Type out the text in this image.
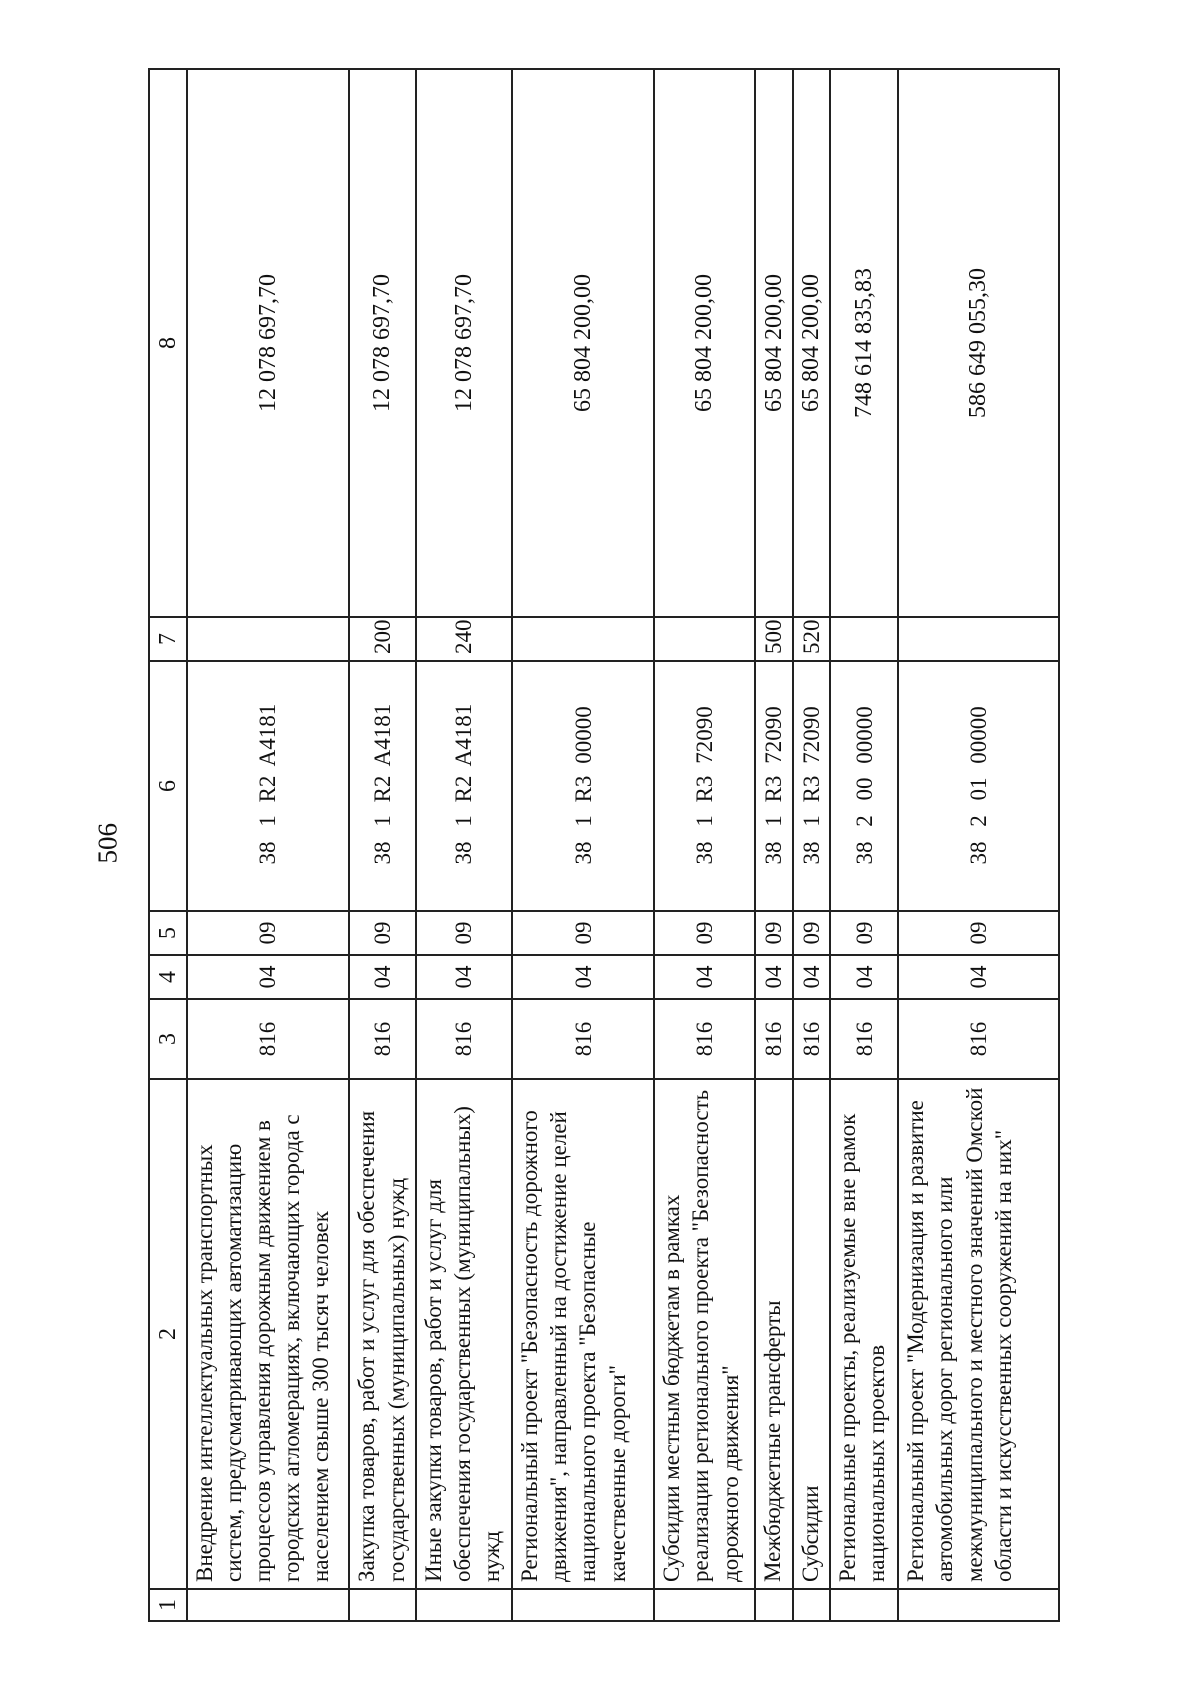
506
1	2	3	4	5	6	7	8
	Внедрение интеллектуальных транспортных систем, предусматривающих автоматизацию процессов управления дорожным движением в городских агломерациях, включающих города с населением свыше 300 тысяч человек	816	04	09	381R2A4181		12 078 697,70
	Закупка товаров, работ и услуг для обеспечения государственных (муниципальных) нужд	816	04	09	381R2A4181	200	12 078 697,70
	Иные закупки товаров, работ и услуг для обеспечения государственных (муниципальных) нужд	816	04	09	381R2A4181	240	12 078 697,70
	Региональный проект "Безопасность дорожного движения", направленный на достижение целей национального проекта "Безопасные качественные дороги"	816	04	09	381R300000		65 804 200,00
	Субсидии местным бюджетам в рамках реализации регионального проекта "Безопасность дорожного движения"	816	04	09	381R372090		65 804 200,00
	Межбюджетные трансферты	816	04	09	381R372090	500	65 804 200,00
	Субсидии	816	04	09	381R372090	520	65 804 200,00
	Региональные проекты, реализуемые вне рамок национальных проектов	816	04	09	3820000000		748 614 835,83
	Региональный проект "Модернизация и развитие автомобильных дорог регионального или межмуниципального и местного значений Омской области и искусственных сооружений на них"	816	04	09	3820100000		586 649 055,30
